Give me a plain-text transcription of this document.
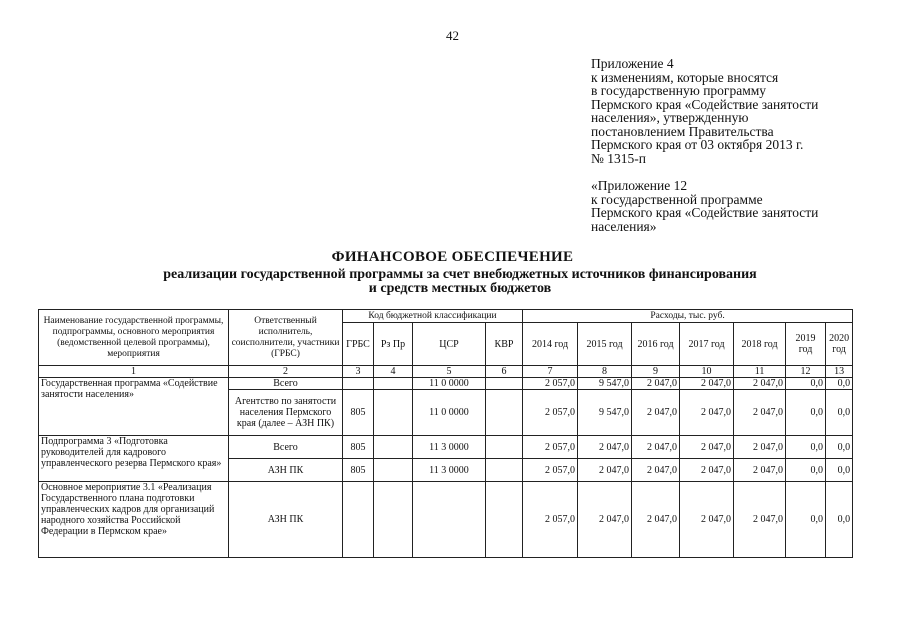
42
Приложение 4
к изменениям, которые вносятся
в государственную программу
Пермского края «Содействие занятости
населения», утвержденную
постановлением Правительства
Пермского края от 03 октября 2013 г.
№ 1315-п
«Приложение 12
к государственной программе
Пермского края «Содействие занятости
населения»
ФИНАНСОВОЕ ОБЕСПЕЧЕНИЕ
реализации государственной программы за счет внебюджетных источников финансирования
и средств местных бюджетов
Наименование государственной программы, подпрограммы, основного мероприятия (ведомственной целевой программы), мероприятия	Ответственный исполнитель, соисполнители, участники (ГРБС)	Код бюджетной классификации				Расходы, тыс. руб.						
		ГРБС	Рз Пр	ЦСР	КВР	2014 год	2015 год	2016 год	2017 год	2018 год	2019 год	2020 год
1	2	3	4	5	6	7	8	9	10	11	12	13
Государственная программа «Содействие занятости населения»	Всего			11 0 0000		2 057,0	9 547,0	2 047,0	2 047,0	2 047,0	0,0	0,0
	Агентство по занятости населения Пермского края (далее – АЗН ПК)	805		11 0 0000		2 057,0	9 547,0	2 047,0	2 047,0	2 047,0	0,0	0,0
Подпрограмма 3 «Подготовка руководителей для кадрового управленческого резерва Пермского края»	Всего	805		11 3 0000		2 057,0	2 047,0	2 047,0	2 047,0	2 047,0	0,0	0,0
	АЗН ПК	805		11 3 0000		2 057,0	2 047,0	2 047,0	2 047,0	2 047,0	0,0	0,0
Основное мероприятие 3.1 «Реализация Государственного плана подготовки управленческих кадров для организаций народного хозяйства Российской Федерации в Пермском крае»	АЗН ПК					2 057,0	2 047,0	2 047,0	2 047,0	2 047,0	0,0	0,0
